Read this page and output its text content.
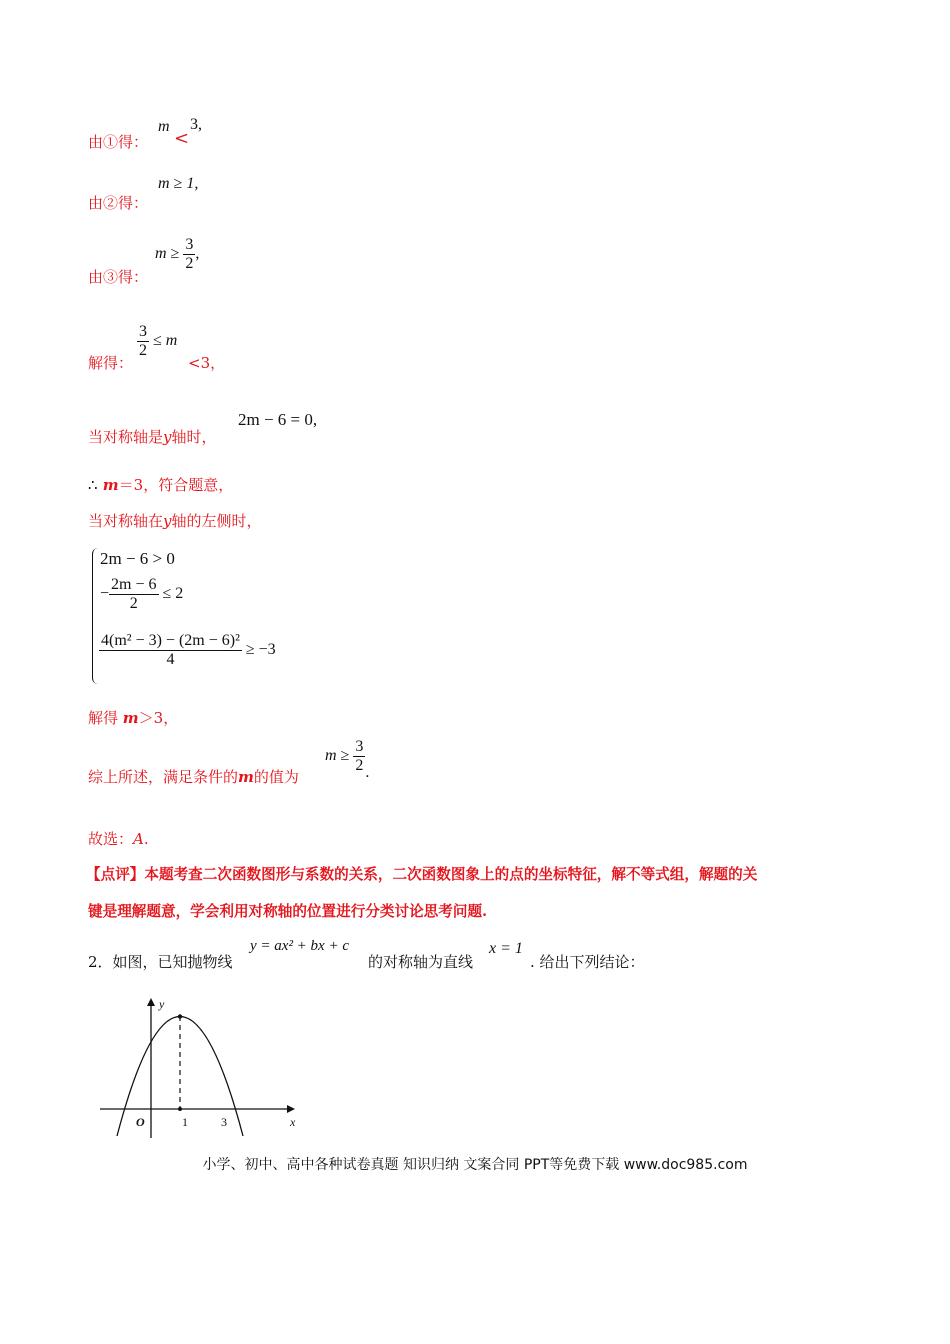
由①得：
m
<
3,
m ≥ 1,
由②得：
由③得：
$m \ge \frac{3}{2}$ ,
解得：
$\frac{3}{2} \le m$
<3，
当对称轴是y轴时，
2m − 6 = 0,
∴ m＝3，符合题意，
当对称轴在y轴的左侧时，
2m − 6 > 0
− $\frac{2m - 6}{2} \le 2$
$\frac{\text{4(m² − 3) − (2m − 6)²}}{4} \ge -3$
解得 m＞3，
综上所述，满足条件的m的值为
$m \ge \frac{3}{2}$ .
故选：A.
【点评】本题考查二次函数图形与系数的关系，二次函数图象上的点的坐标特征，解不等式组，解题的关
键是理解题意，学会利用对称轴的位置进行分类讨论思考问题.
2．如图，已知抛物线
y = ax² + bx + c
的对称轴为直线
x = 1
. 给出下列结论：
y
x
O	1	3
小学、初中、高中各种试卷真题 知识归纳 文案合同 PPT等免费下载 www.doc985.com
